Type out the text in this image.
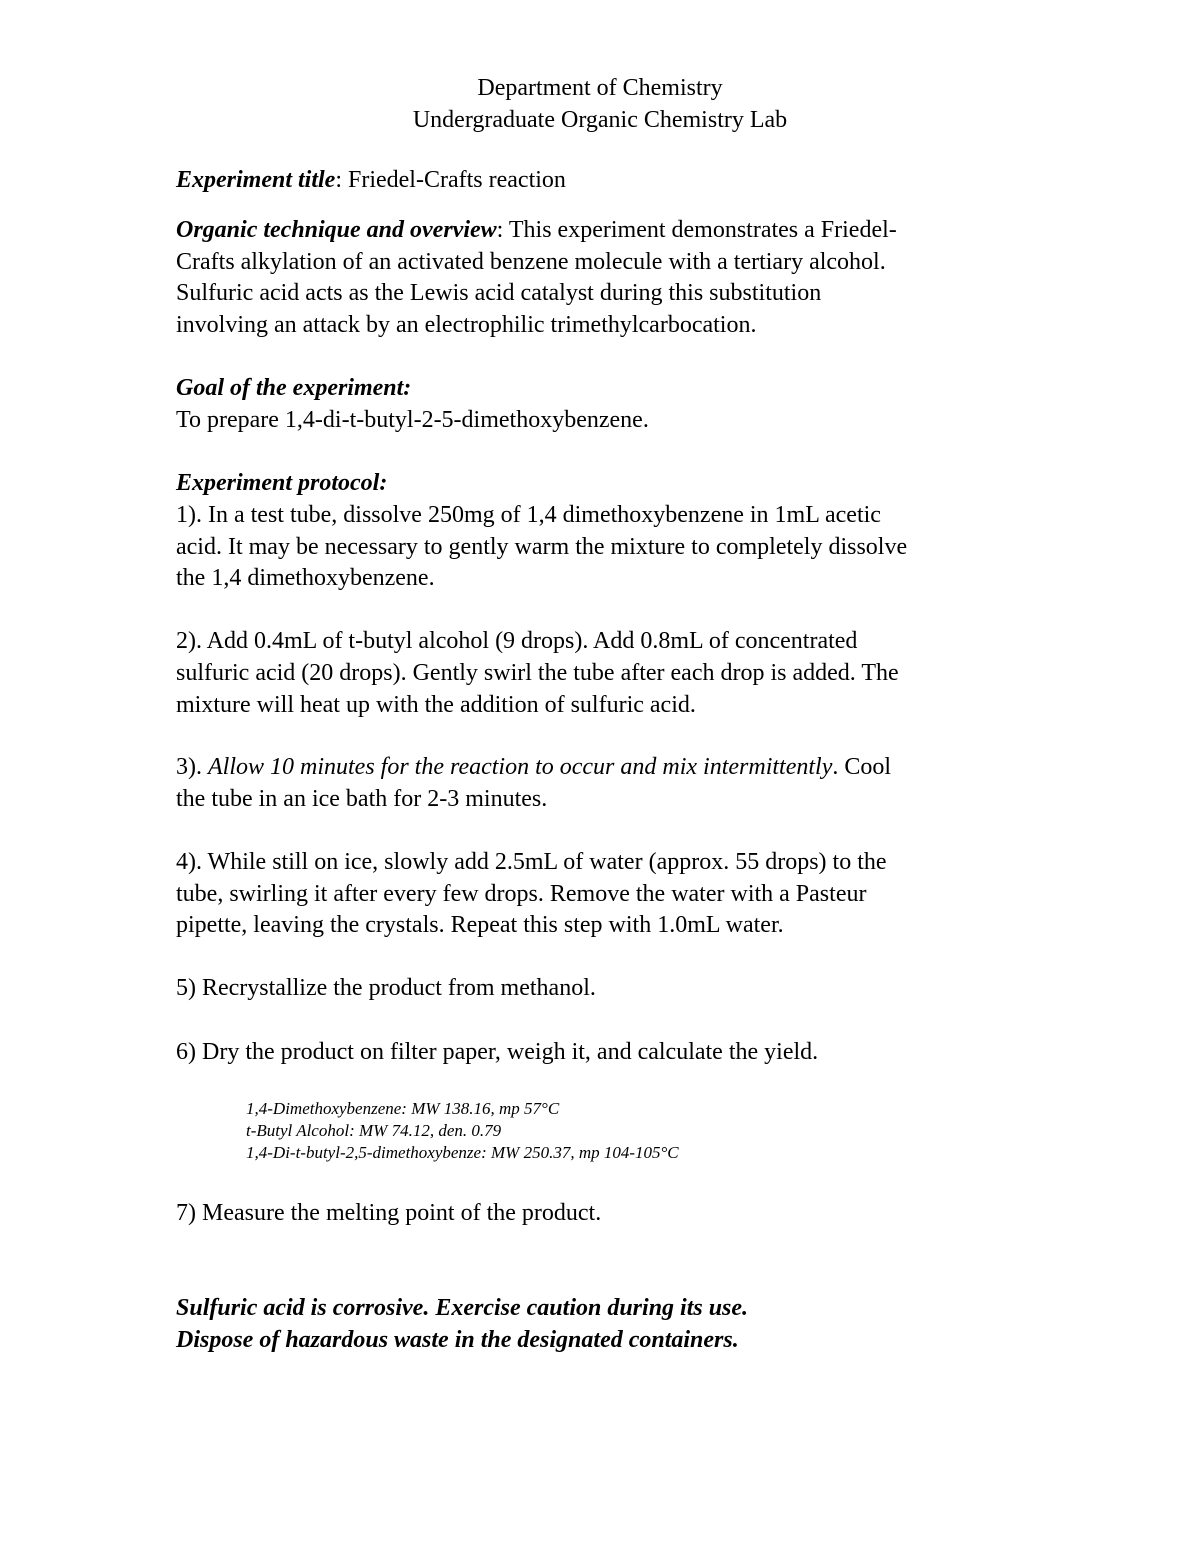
Department of Chemistry

Undergraduate Organic Chemistry Lab

Experiment title: Friedel-Crafts reaction

Organic technique and overview: This experiment demonstrates a Friedel-

Crafts alkylation of an activated benzene molecule with a tertiary alcohol.

Sulfuric acid acts as the Lewis acid catalyst during this substitution

involving an attack by an electrophilic trimethylcarbocation.

Goal of the experiment:

To prepare 1,4-di-t-butyl-2-5-dimethoxybenzene.

Experiment protocol:

1). In a test tube, dissolve 250mg of 1,4 dimethoxybenzene in 1mL acetic

acid. It may be necessary to gently warm the mixture to completely dissolve

the 1,4 dimethoxybenzene.

2). Add 0.4mL of t-butyl alcohol (9 drops). Add 0.8mL of concentrated

sulfuric acid (20 drops). Gently swirl the tube after each drop is added. The

mixture will heat up with the addition of sulfuric acid.

3). Allow 10 minutes for the reaction to occur and mix intermittently. Cool

the tube in an ice bath for 2-3 minutes.

4). While still on ice, slowly add 2.5mL of water (approx. 55 drops) to the

tube, swirling it after every few drops. Remove the water with a Pasteur

pipette, leaving the crystals. Repeat this step with 1.0mL water.

5) Recrystallize the product from methanol.

6) Dry the product on filter paper, weigh it, and calculate the yield.

1,4-Dimethoxybenzene: MW 138.16, mp 57°C

t-Butyl Alcohol: MW 74.12, den. 0.79

1,4-Di-t-butyl-2,5-dimethoxybenze: MW 250.37, mp 104-105°C

7) Measure the melting point of the product.

Sulfuric acid is corrosive. Exercise caution during its use.

Dispose of hazardous waste in the designated containers.
